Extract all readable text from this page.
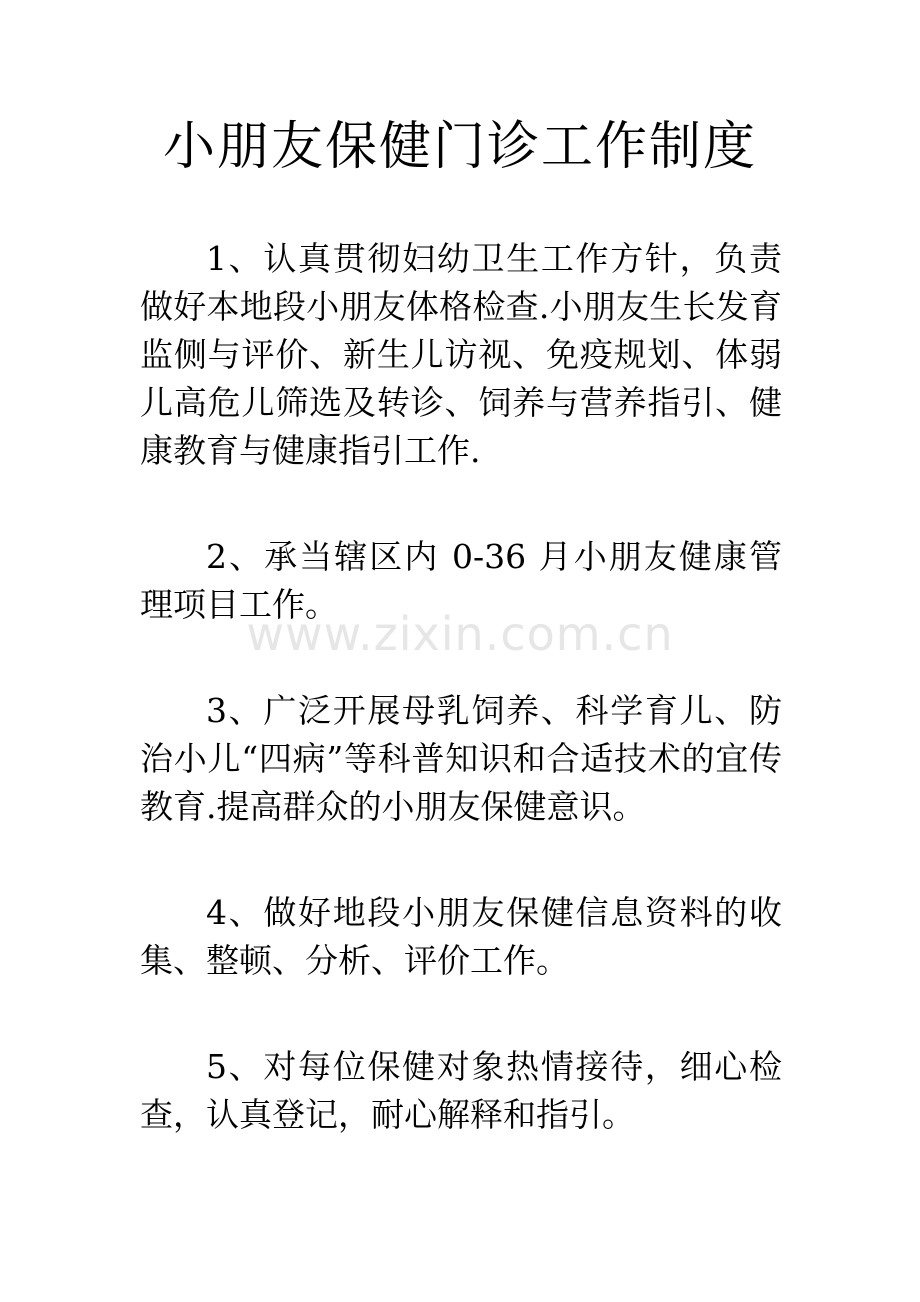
小朋友保健门诊工作制度

1、认真贯彻妇幼卫生工作方针，负责做好本地段小朋友体格检查.小朋友生长发育监侧与评价、新生儿访视、免疫规划、体弱儿高危儿筛选及转诊、饲养与营养指引、健康教育与健康指引工作.

2、承当辖区内 0-36 月小朋友健康管理项目工作。

3、广泛开展母乳饲养、科学育儿、防治小儿“四病”等科普知识和合适技术的宜传教育.提高群众的小朋友保健意识。

4、做好地段小朋友保健信息资料的收集、整顿、分析、评价工作。

5、对每位保健对象热情接待，细心检查，认真登记，耐心解释和指引。

www.zixin.com.cn
